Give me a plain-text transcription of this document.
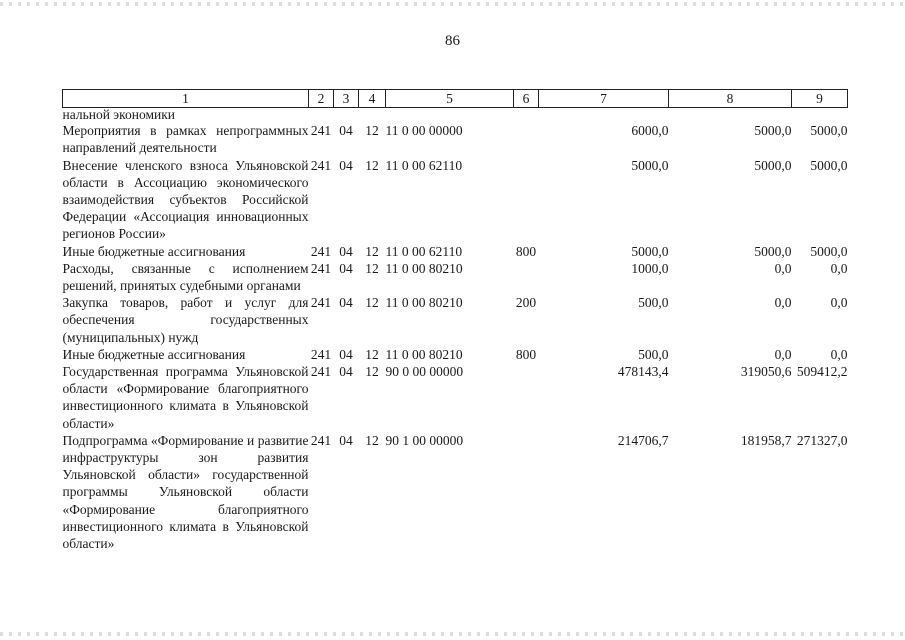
86
1	2	3	4	5	6	7	8	9
нальной экономики								
Мероприятия в рамках непрограммных направлений деятельности	241	04	12	11 0 00 00000		6000,0	5000,0	5000,0
Внесение членского взноса Ульяновской области в Ассоциацию экономического взаимодействия субъектов Российской Федерации «Ассоциация инновационных регионов России»	241	04	12	11 0 00 62110		5000,0	5000,0	5000,0
Иные бюджетные ассигнования	241	04	12	11 0 00 62110	800	5000,0	5000,0	5000,0
Расходы, связанные с исполнением решений, принятых судебными органами	241	04	12	11 0 00 80210		1000,0	0,0	0,0
Закупка товаров, работ и услуг для обеспечения государственных (муниципальных) нужд	241	04	12	11 0 00 80210	200	500,0	0,0	0,0
Иные бюджетные ассигнования	241	04	12	11 0 00 80210	800	500,0	0,0	0,0
Государственная программа Ульяновской области «Формирование благоприятного инвестиционного климата в Ульяновской области»	241	04	12	90 0 00 00000		478143,4	319050,6	509412,2
Подпрограмма «Формирование и развитие инфраструктуры зон развития Ульяновской области» государственной программы Ульяновской области «Формирование благоприятного инвестиционного климата в Ульяновской области»	241	04	12	90 1 00 00000		214706,7	181958,7	271327,0
